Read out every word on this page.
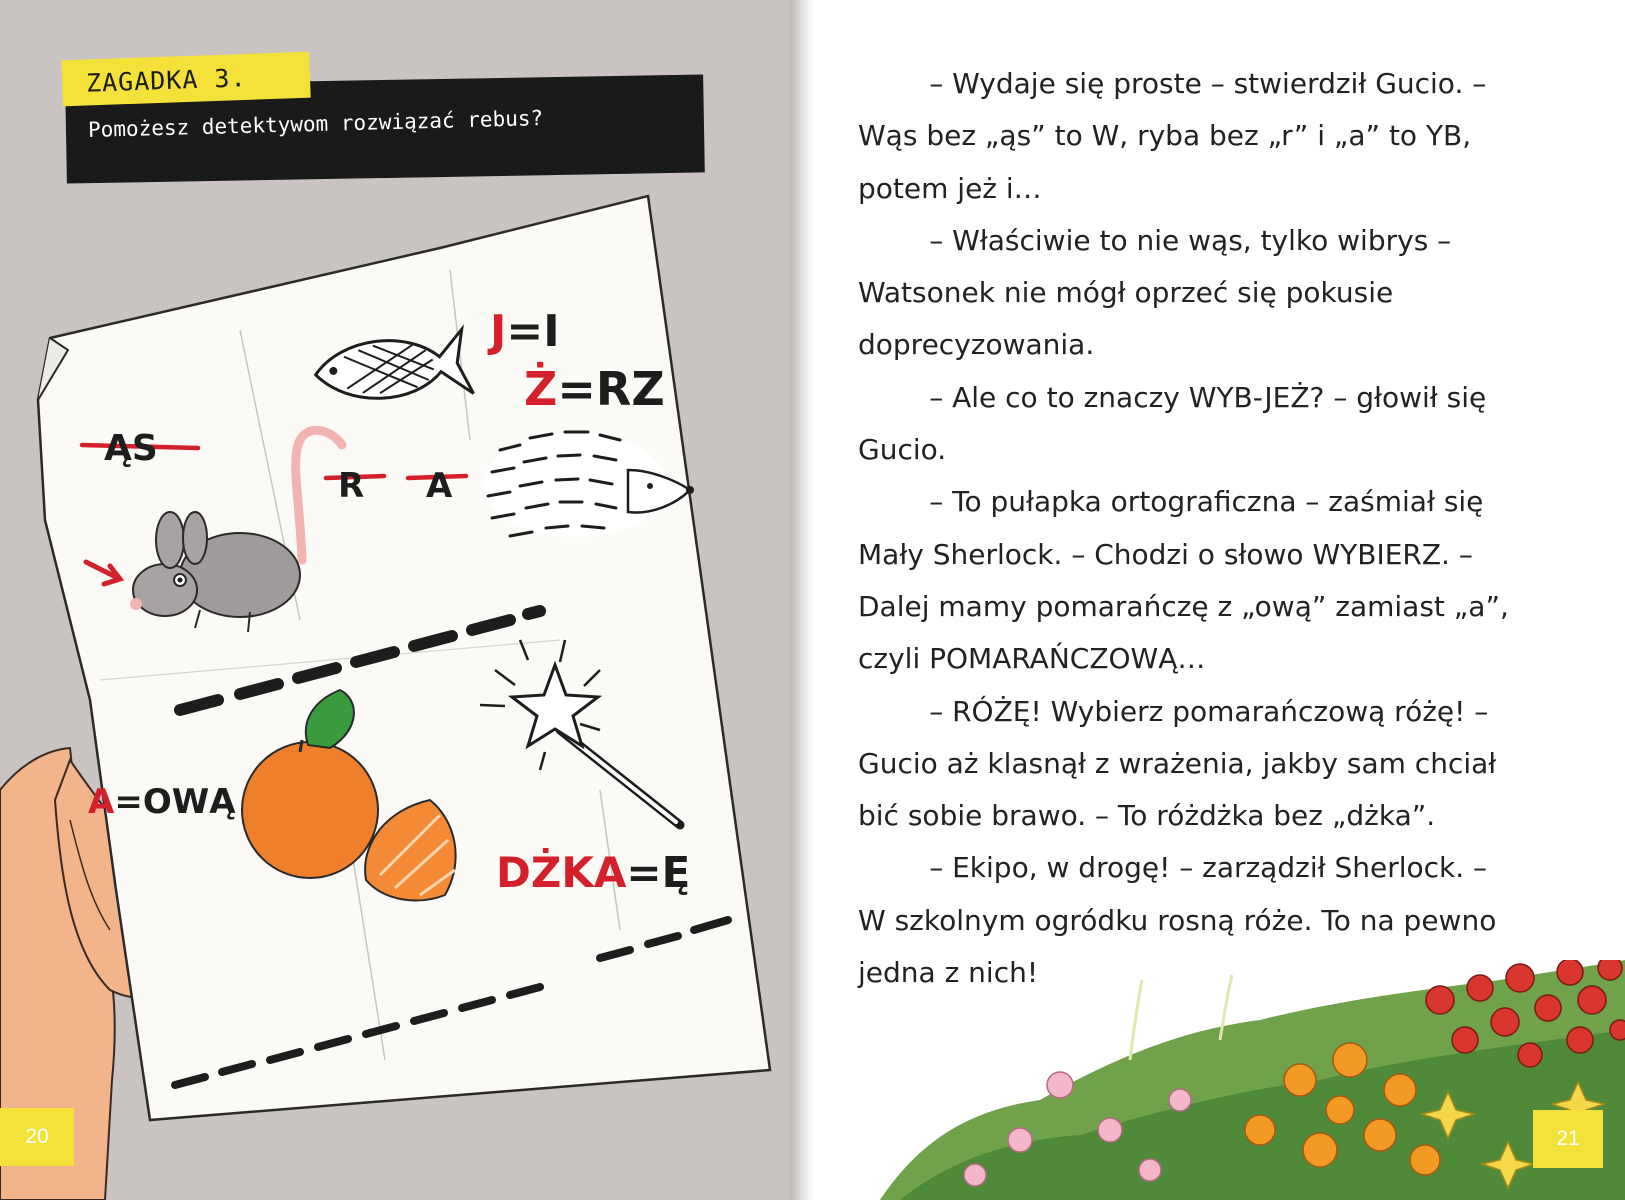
ĄS
R A
J=I
Ż=RZ
A=OWĄ
DŻKA=Ę
ZAGADKA 3.
Pomożesz detektywom rozwiązać rebus?
20

– Wydaje się proste – stwierdził Gucio. –

Wąs bez „ąs” to W, ryba bez „r” i „a” to YB,

potem jeż i…

– Właściwie to nie wąs, tylko wibrys –

Watsonek nie mógł oprzeć się pokusie

doprecyzowania.

– Ale co to znaczy WYB-JEŻ? – głowił się

Gucio.

– To pułapka ortograficzna – zaśmiał się

Mały Sherlock. – Chodzi o słowo WYBIERZ. –

Dalej mamy pomarańczę z „ową” zamiast „a”,

czyli POMARAŃCZOWĄ…

– RÓŻĘ! Wybierz pomarańczową różę! –

Gucio aż klasnął z wrażenia, jakby sam chciał

bić sobie brawo. – To różdżka bez „dżka”.

– Ekipo, w drogę! – zarządził Sherlock. –

W szkolnym ogródku rosną róże. To na pewno

jedna z nich!

21
